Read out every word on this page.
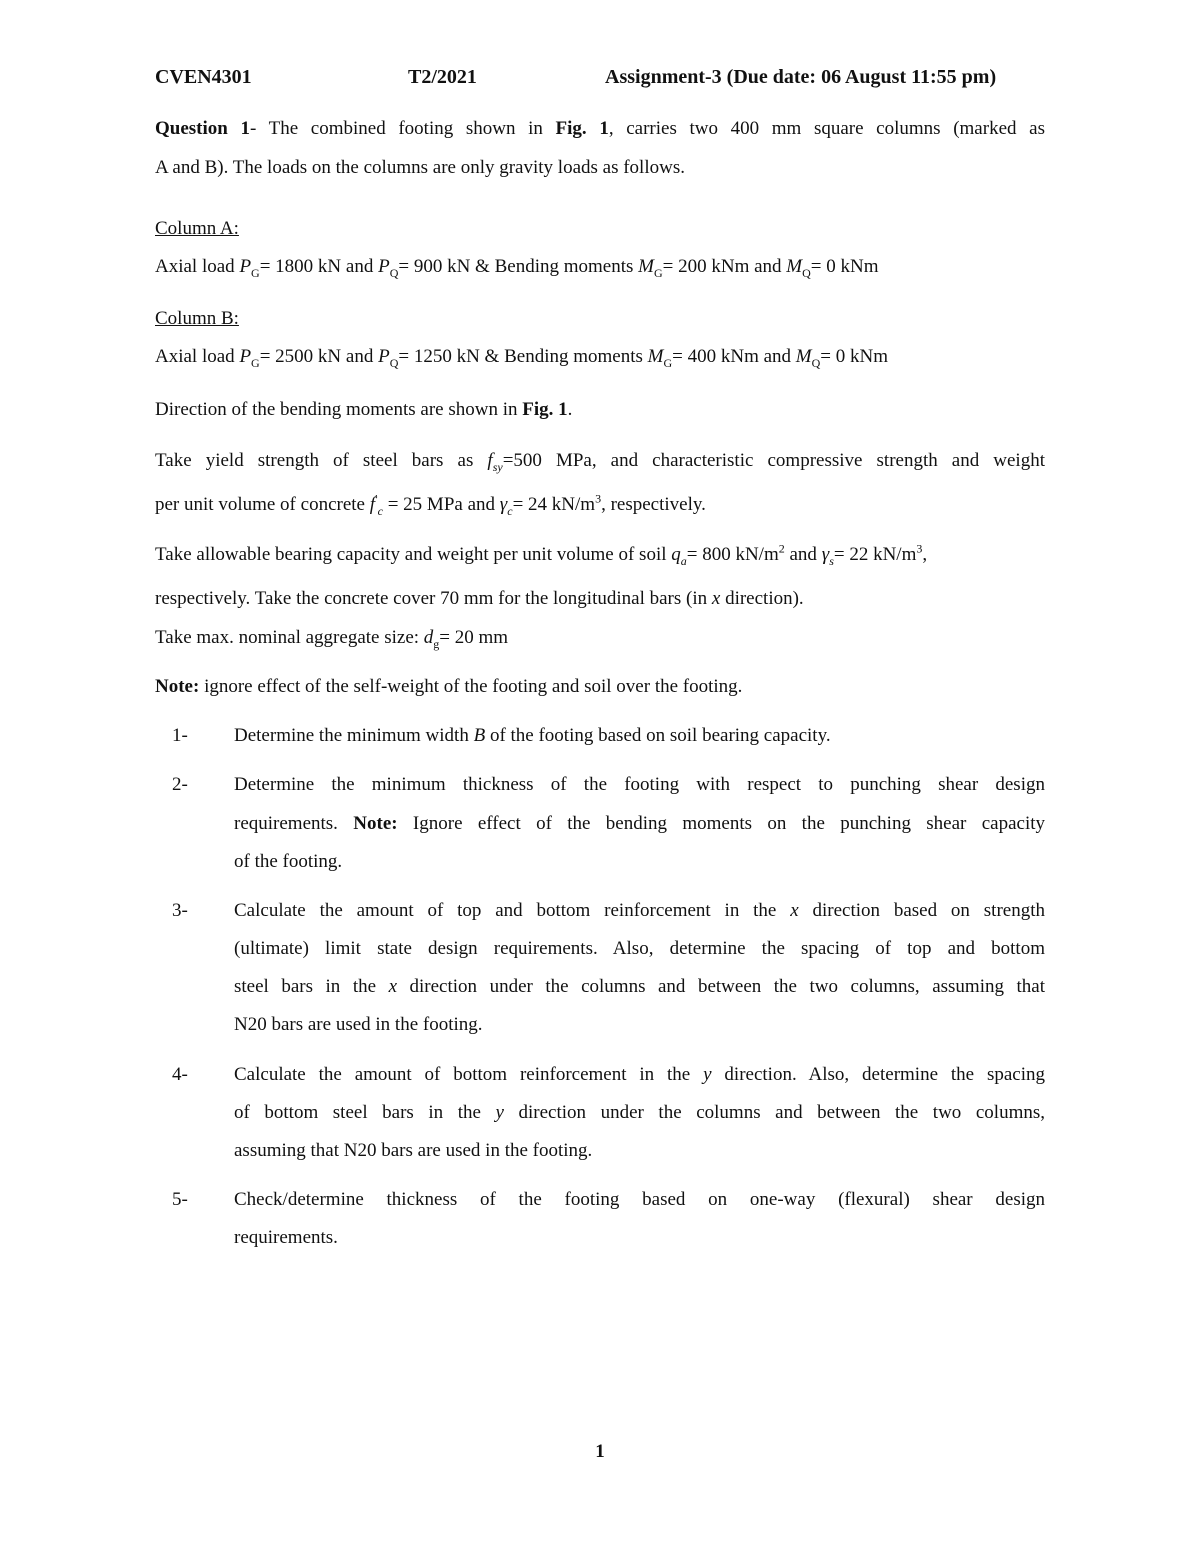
CVEN4301	T2/2021	Assignment-3 (Due date: 06 August 11:55 pm)
Question 1- The combined footing shown in Fig. 1, carries two 400 mm square columns (marked as
A and B). The loads on the columns are only gravity loads as follows.
Column A:
Axial load $P_G= 1800$ kN and $P_Q= 900$ kN & Bending moments $M_G= 200$ kNm and $M_Q= 0$ kNm
Column B:
Axial load $P_G= 2500$ kN and $P_Q= 1250$ kN & Bending moments $M_G= 400$ kNm and $M_Q= 0$ kNm
Direction of the bending moments are shown in Fig. 1.
Take yield strength of steel bars as $f_{sy}=500$ MPa, and characteristic compressive strength and weight
per unit volume of concrete $f'_c = 25$ MPa and $\gamma_c= 24$ $kN/m^3$, respectively.
Take allowable bearing capacity and weight per unit volume of soil $q_a= 800$ $kN/m^2$ and $\gamma_s= 22$ $kN/m^3$,
respectively. Take the concrete cover 70 mm for the longitudinal bars (in x direction).
Take max. nominal aggregate size: $d_g= 20$ mm
Note: ignore effect of the self-weight of the footing and soil over the footing.
1- Determine the minimum width B of the footing based on soil bearing capacity.
2- Determine the minimum thickness of the footing with respect to punching shear design
requirements. Note: Ignore effect of the bending moments on the punching shear capacity
of the footing.
3- Calculate the amount of top and bottom reinforcement in the x direction based on strength
(ultimate) limit state design requirements. Also, determine the spacing of top and bottom
steel bars in the x direction under the columns and between the two columns, assuming that
N20 bars are used in the footing.
4- Calculate the amount of bottom reinforcement in the y direction. Also, determine the spacing
of bottom steel bars in the y direction under the columns and between the two columns,
assuming that N20 bars are used in the footing.
5- Check/determine thickness of the footing based on one-way (flexural) shear design
requirements.
1
